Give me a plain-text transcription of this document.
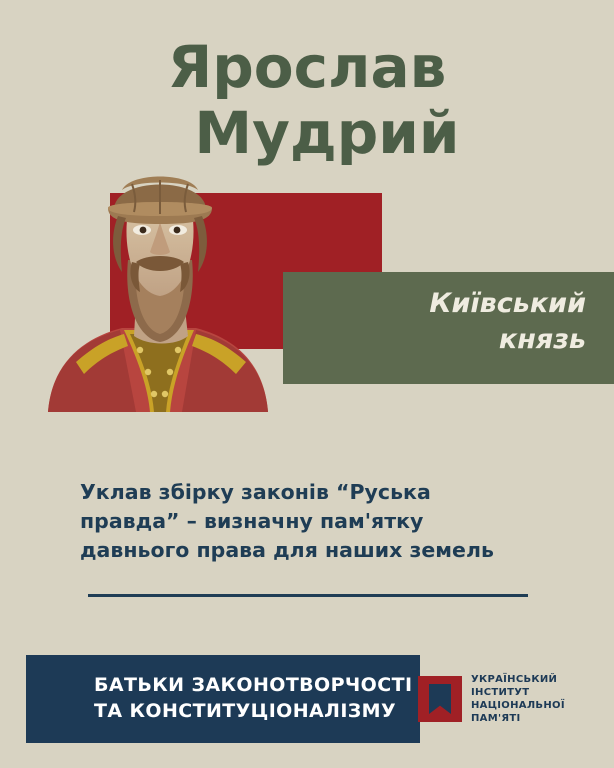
Київський
князь
Ярослав
Мудрий
Уклав збірку законів “Руська правда” – визначну пам'ятку давнього права для наших земель
БАТЬКИ ЗАКОНОТВОРЧОСТІ
ТА КОНСТИТУЦІОНАЛІЗМУ
УКРАЇНСЬКИЙ
ІНСТИТУТ
НАЦІОНАЛЬНОЇ
ПАМ'ЯТІ
